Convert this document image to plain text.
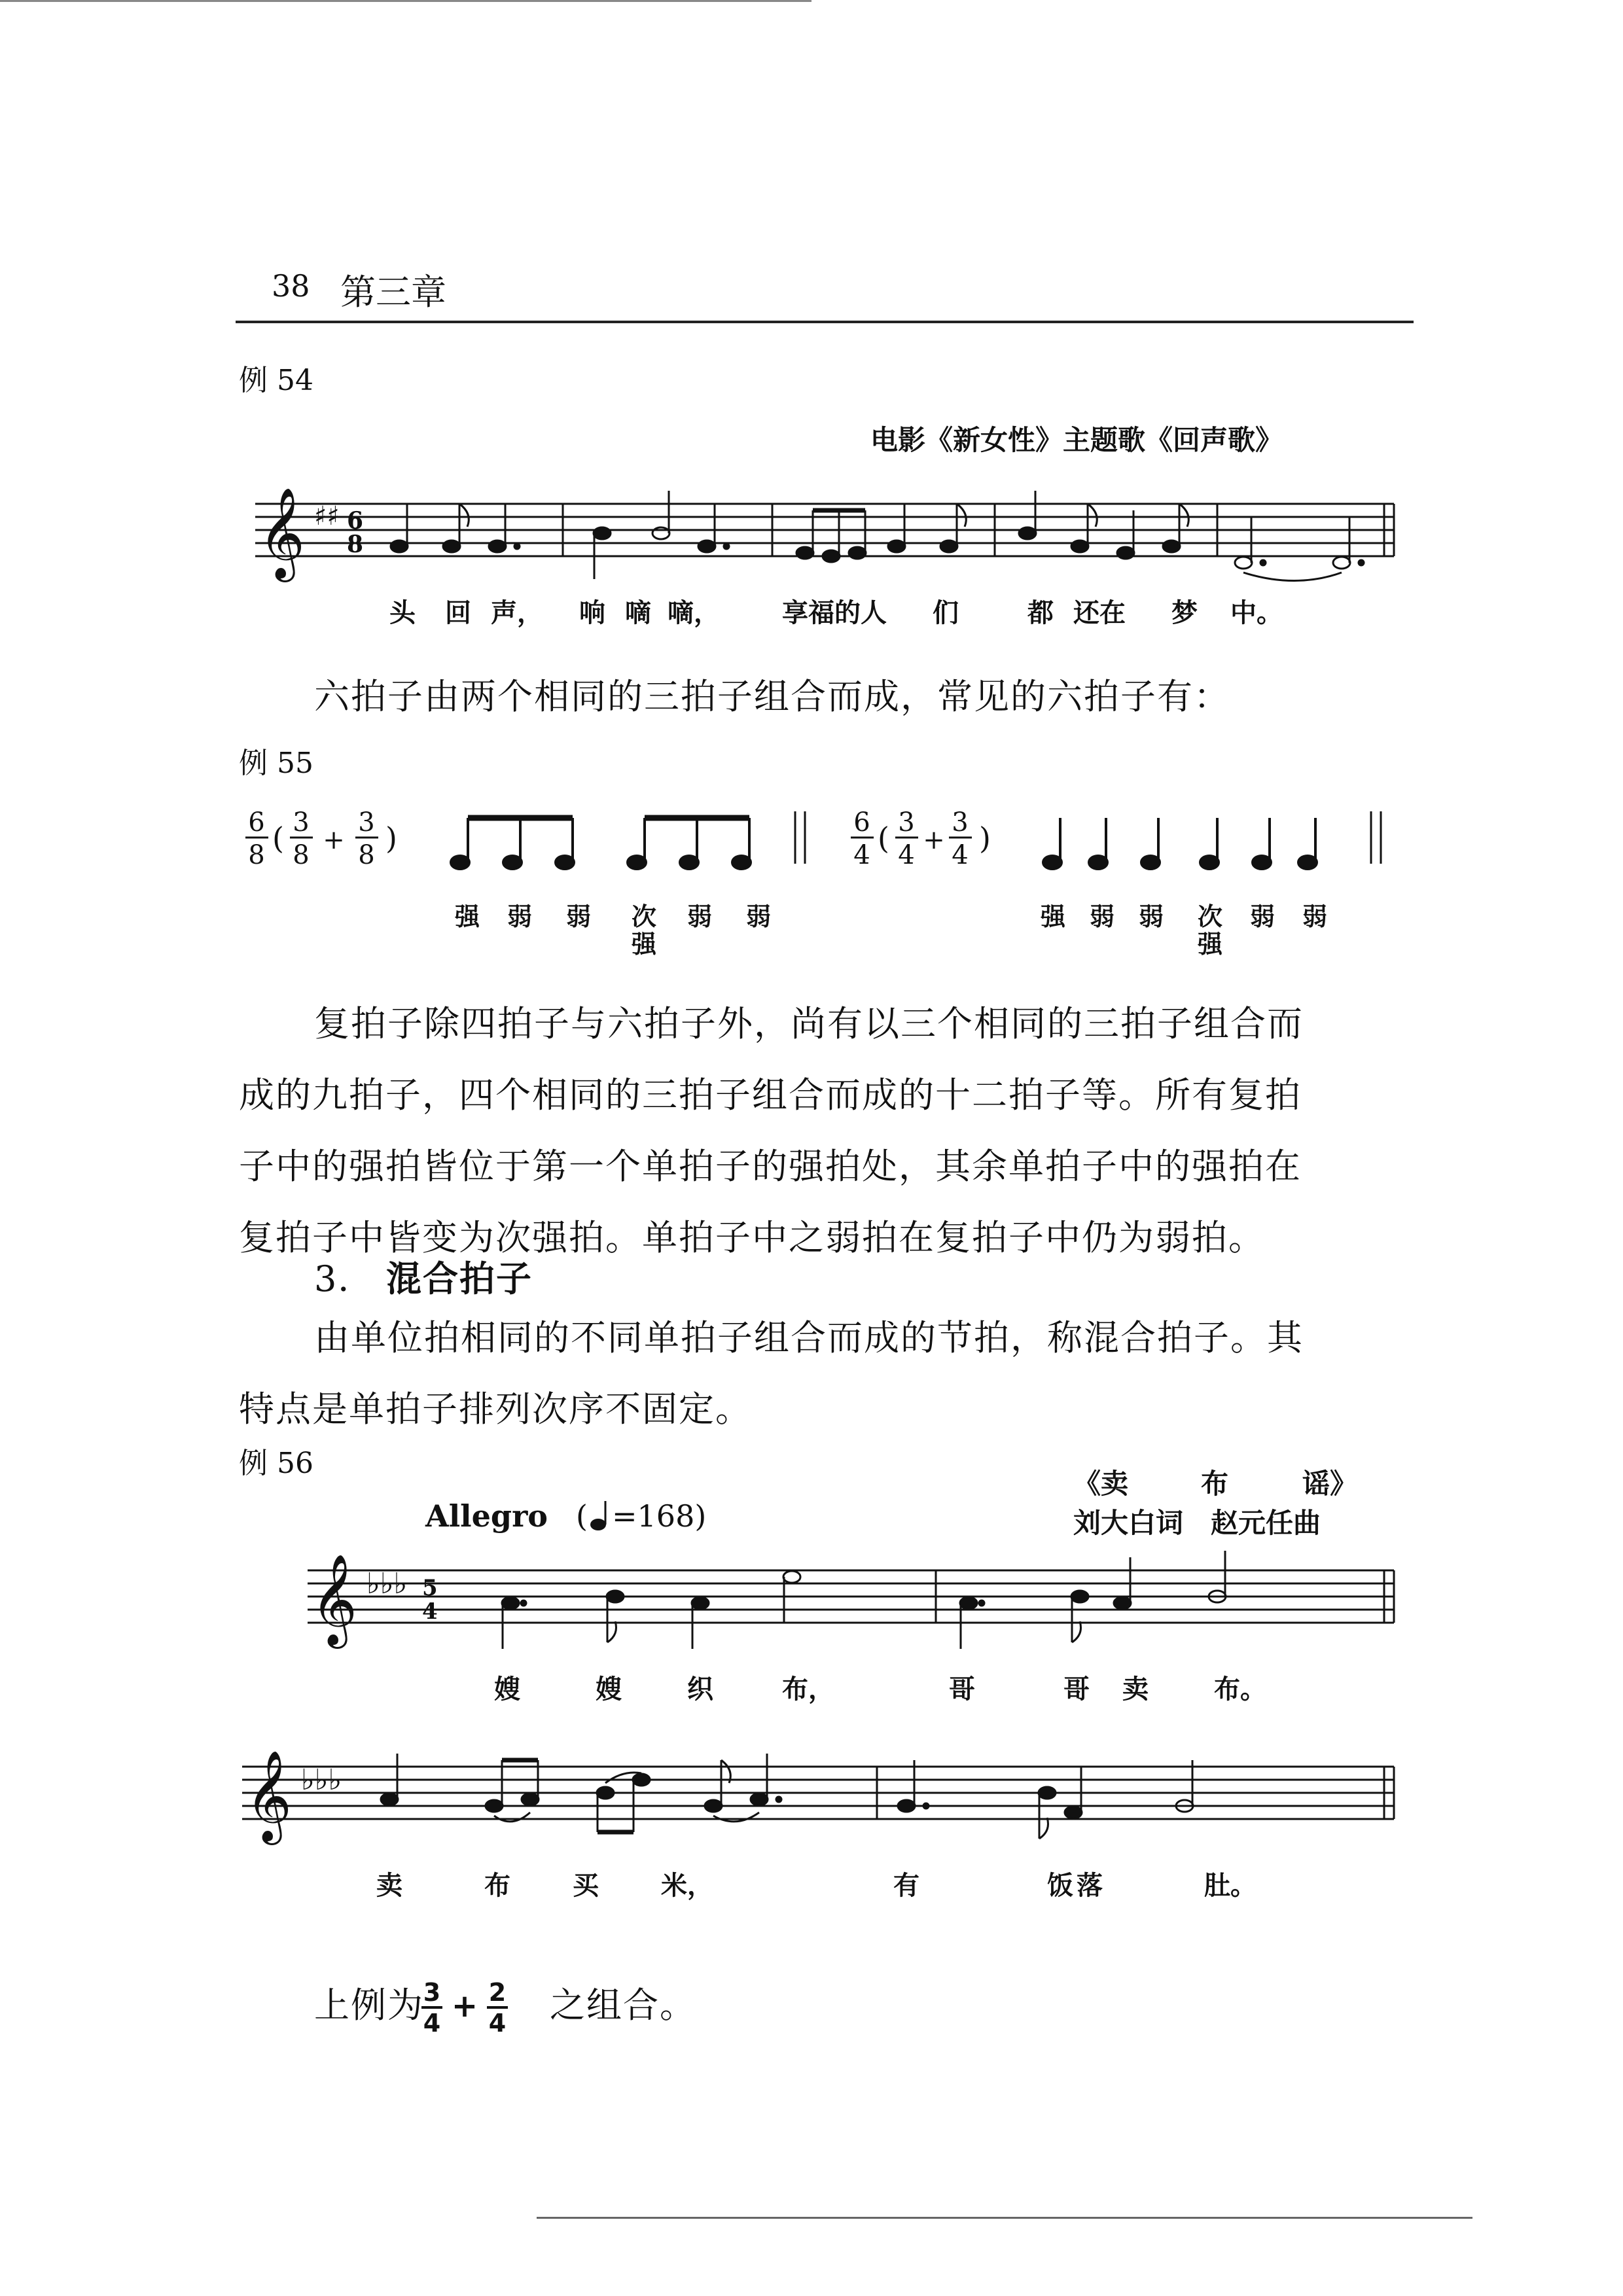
38 第三章
例 54
电影《新女性》主题歌《回声歌》
𝄞 ♯♯ 6
8
头 回 声， 响 嘀 嘀， 享福的人 们	都 还在 梦 中。
六拍子由两个相同的三拍子组合而成，常见的六拍子有：
例 55
6
8 ( 3
8 +
3
8 )	6
4 ( 3
4 +
3
4 )
强 弱 弱 次
强
弱 弱	强 弱 弱 次
强
弱 弱
复拍子除四拍子与六拍子外，尚有以三个相同的三拍子组合而
成的九拍子，四个相同的三拍子组合而成的十二拍子等。所有复拍
子中的强拍皆位于第一个单拍子的强拍处，其余单拍子中的强拍在
复拍子中皆变为次强拍。单拍子中之弱拍在复拍子中仍为弱拍。
3． 混合拍子
由单位拍相同的不同单拍子组合而成的节拍，称混合拍子。其
特点是单拍子排列次序不固定。
例 56
《卖	布	谣》
刘大白词　赵元任曲
Allegro ( =168)
𝄞 ♭♭♭ 5
4
嫂	嫂	织	布，	哥	哥 卖	布。
𝄞 ♭♭♭
卖	布 买 米，	有	饭 落	肚。
上例为
3
4 + 2
4 之组合。
